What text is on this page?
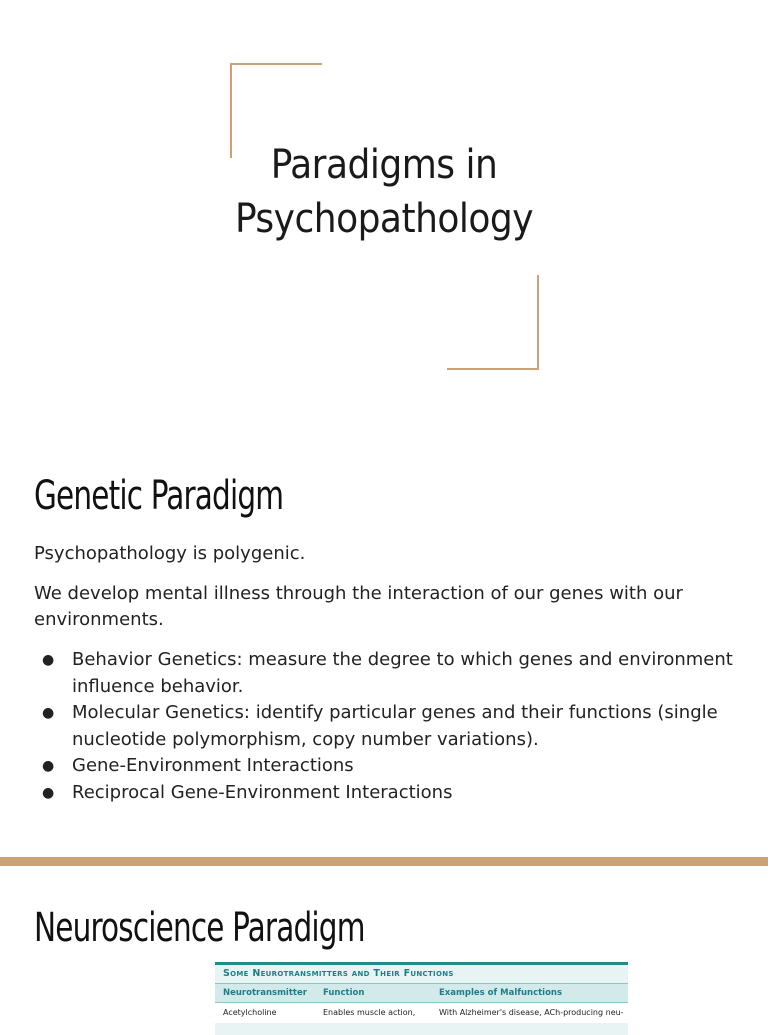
Paradigms in
Psychopathology
Genetic Paradigm
Psychopathology is polygenic.
We develop mental illness through the interaction of our genes with our environments.
● Behavior Genetics: measure the degree to which genes and environment influence behavior.
● Molecular Genetics: identify particular genes and their functions (single nucleotide polymorphism, copy number variations).
● Gene-Environment Interactions
● Reciprocal Gene-Environment Interactions
Neuroscience Paradigm
Some Neurotransmitters and Their Functions
Neurotransmitter	Function	Examples of Malfunctions
Acetylcholine	Enables muscle action,	With Alzheimer's disease, ACh-producing neu-
